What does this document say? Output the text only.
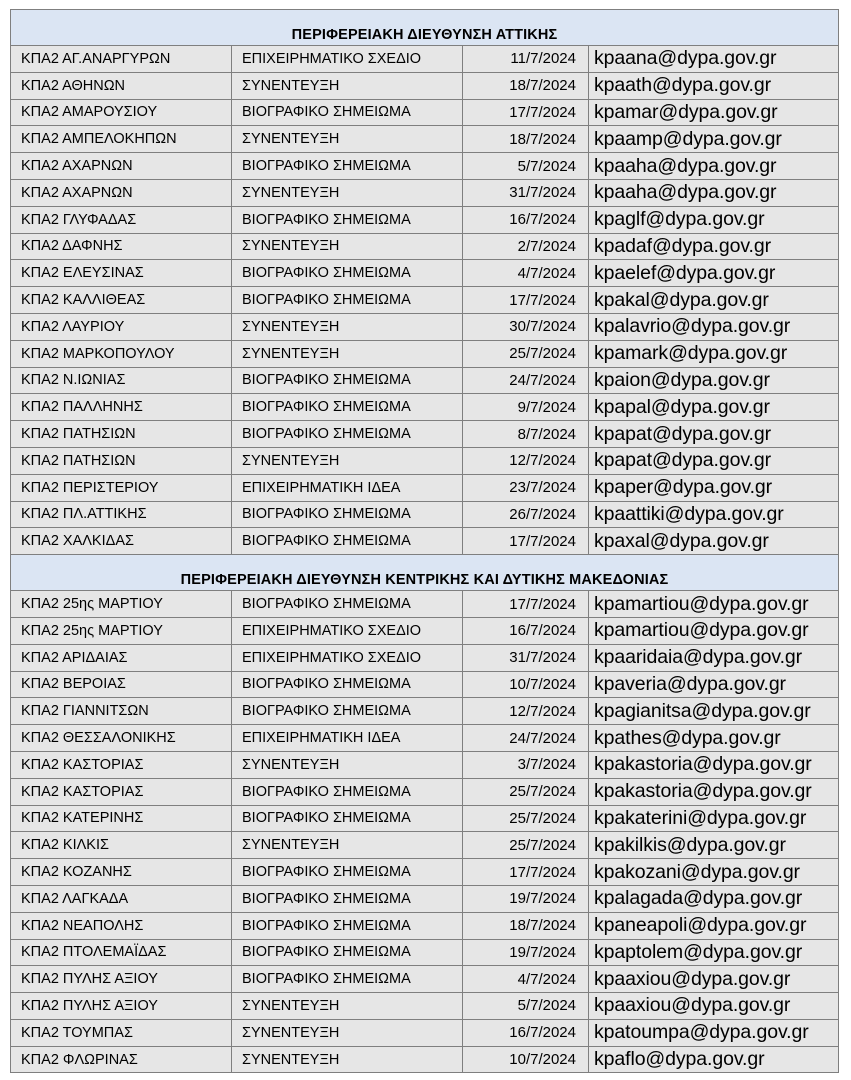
ΠΕΡΙΦΕΡΕΙΑΚΗ ΔΙΕΥΘΥΝΣΗ ΑΤΤΙΚΗΣ			
ΚΠΑ2 ΑΓ.ΑΝΑΡΓΥΡΩΝ	ΕΠΙΧΕΙΡΗΜΑΤΙΚΟ ΣΧΕΔΙΟ	11/7/2024	kpaana@dypa.gov.gr
ΚΠΑ2 ΑΘΗΝΩΝ	ΣΥΝΕΝΤΕΥΞΗ	18/7/2024	kpaath@dypa.gov.gr
ΚΠΑ2 ΑΜΑΡΟΥΣΙΟΥ	ΒΙΟΓΡΑΦΙΚΟ ΣΗΜΕΙΩΜΑ	17/7/2024	kpamar@dypa.gov.gr
ΚΠΑ2 ΑΜΠΕΛΟΚΗΠΩΝ	ΣΥΝΕΝΤΕΥΞΗ	18/7/2024	kpaamp@dypa.gov.gr
ΚΠΑ2 ΑΧΑΡΝΩΝ	ΒΙΟΓΡΑΦΙΚΟ ΣΗΜΕΙΩΜΑ	5/7/2024	kpaaha@dypa.gov.gr
ΚΠΑ2 ΑΧΑΡΝΩΝ	ΣΥΝΕΝΤΕΥΞΗ	31/7/2024	kpaaha@dypa.gov.gr
ΚΠΑ2 ΓΛΥΦΑΔΑΣ	ΒΙΟΓΡΑΦΙΚΟ ΣΗΜΕΙΩΜΑ	16/7/2024	kpaglf@dypa.gov.gr
ΚΠΑ2 ΔΑΦΝΗΣ	ΣΥΝΕΝΤΕΥΞΗ	2/7/2024	kpadaf@dypa.gov.gr
ΚΠΑ2 ΕΛΕΥΣΙΝΑΣ	ΒΙΟΓΡΑΦΙΚΟ ΣΗΜΕΙΩΜΑ	4/7/2024	kpaelef@dypa.gov.gr
ΚΠΑ2 ΚΑΛΛΙΘΕΑΣ	ΒΙΟΓΡΑΦΙΚΟ ΣΗΜΕΙΩΜΑ	17/7/2024	kpakal@dypa.gov.gr
ΚΠΑ2 ΛΑΥΡΙΟΥ	ΣΥΝΕΝΤΕΥΞΗ	30/7/2024	kpalavrio@dypa.gov.gr
ΚΠΑ2 ΜΑΡΚΟΠΟΥΛΟΥ	ΣΥΝΕΝΤΕΥΞΗ	25/7/2024	kpamark@dypa.gov.gr
ΚΠΑ2 Ν.ΙΩΝΙΑΣ	ΒΙΟΓΡΑΦΙΚΟ ΣΗΜΕΙΩΜΑ	24/7/2024	kpaion@dypa.gov.gr
ΚΠΑ2 ΠΑΛΛΗΝΗΣ	ΒΙΟΓΡΑΦΙΚΟ ΣΗΜΕΙΩΜΑ	9/7/2024	kpapal@dypa.gov.gr
ΚΠΑ2 ΠΑΤΗΣΙΩΝ	ΒΙΟΓΡΑΦΙΚΟ ΣΗΜΕΙΩΜΑ	8/7/2024	kpapat@dypa.gov.gr
ΚΠΑ2 ΠΑΤΗΣΙΩΝ	ΣΥΝΕΝΤΕΥΞΗ	12/7/2024	kpapat@dypa.gov.gr
ΚΠΑ2 ΠΕΡΙΣΤΕΡΙΟΥ	ΕΠΙΧΕΙΡΗΜΑΤΙΚΗ ΙΔΕΑ	23/7/2024	kpaper@dypa.gov.gr
ΚΠΑ2 ΠΛ.ΑΤΤΙΚΗΣ	ΒΙΟΓΡΑΦΙΚΟ ΣΗΜΕΙΩΜΑ	26/7/2024	kpaattiki@dypa.gov.gr
ΚΠΑ2 ΧΑΛΚΙΔΑΣ	ΒΙΟΓΡΑΦΙΚΟ ΣΗΜΕΙΩΜΑ	17/7/2024	kpaxal@dypa.gov.gr
ΠΕΡΙΦΕΡΕΙΑΚΗ ΔΙΕΥΘΥΝΣΗ ΚΕΝΤΡΙΚΗΣ ΚΑΙ ΔΥΤΙΚΗΣ ΜΑΚΕΔΟΝΙΑΣ			
ΚΠΑ2 25ης ΜΑΡΤΙΟΥ	ΒΙΟΓΡΑΦΙΚΟ ΣΗΜΕΙΩΜΑ	17/7/2024	kpamartiou@dypa.gov.gr
ΚΠΑ2 25ης ΜΑΡΤΙΟΥ	ΕΠΙΧΕΙΡΗΜΑΤΙΚΟ ΣΧΕΔΙΟ	16/7/2024	kpamartiou@dypa.gov.gr
ΚΠΑ2 ΑΡΙΔΑΙΑΣ	ΕΠΙΧΕΙΡΗΜΑΤΙΚΟ ΣΧΕΔΙΟ	31/7/2024	kpaaridaia@dypa.gov.gr
ΚΠΑ2 ΒΕΡΟΙΑΣ	ΒΙΟΓΡΑΦΙΚΟ ΣΗΜΕΙΩΜΑ	10/7/2024	kpaveria@dypa.gov.gr
ΚΠΑ2 ΓΙΑΝΝΙΤΣΩΝ	ΒΙΟΓΡΑΦΙΚΟ ΣΗΜΕΙΩΜΑ	12/7/2024	kpagianitsa@dypa.gov.gr
ΚΠΑ2 ΘΕΣΣΑΛΟΝΙΚΗΣ	ΕΠΙΧΕΙΡΗΜΑΤΙΚΗ ΙΔΕΑ	24/7/2024	kpathes@dypa.gov.gr
ΚΠΑ2 ΚΑΣΤΟΡΙΑΣ	ΣΥΝΕΝΤΕΥΞΗ	3/7/2024	kpakastoria@dypa.gov.gr
ΚΠΑ2 ΚΑΣΤΟΡΙΑΣ	ΒΙΟΓΡΑΦΙΚΟ ΣΗΜΕΙΩΜΑ	25/7/2024	kpakastoria@dypa.gov.gr
ΚΠΑ2 ΚΑΤΕΡΙΝΗΣ	ΒΙΟΓΡΑΦΙΚΟ ΣΗΜΕΙΩΜΑ	25/7/2024	kpakaterini@dypa.gov.gr
ΚΠΑ2 ΚΙΛΚΙΣ	ΣΥΝΕΝΤΕΥΞΗ	25/7/2024	kpakilkis@dypa.gov.gr
ΚΠΑ2 ΚΟΖΑΝΗΣ	ΒΙΟΓΡΑΦΙΚΟ ΣΗΜΕΙΩΜΑ	17/7/2024	kpakozani@dypa.gov.gr
ΚΠΑ2 ΛΑΓΚΑΔΑ	ΒΙΟΓΡΑΦΙΚΟ ΣΗΜΕΙΩΜΑ	19/7/2024	kpalagada@dypa.gov.gr
ΚΠΑ2 ΝΕΑΠΟΛΗΣ	ΒΙΟΓΡΑΦΙΚΟ ΣΗΜΕΙΩΜΑ	18/7/2024	kpaneapoli@dypa.gov.gr
ΚΠΑ2 ΠΤΟΛΕΜΑΪΔΑΣ	ΒΙΟΓΡΑΦΙΚΟ ΣΗΜΕΙΩΜΑ	19/7/2024	kpaptolem@dypa.gov.gr
ΚΠΑ2 ΠΥΛΗΣ ΑΞΙΟΥ	ΒΙΟΓΡΑΦΙΚΟ ΣΗΜΕΙΩΜΑ	4/7/2024	kpaaxiou@dypa.gov.gr
ΚΠΑ2 ΠΥΛΗΣ ΑΞΙΟΥ	ΣΥΝΕΝΤΕΥΞΗ	5/7/2024	kpaaxiou@dypa.gov.gr
ΚΠΑ2 ΤΟΥΜΠΑΣ	ΣΥΝΕΝΤΕΥΞΗ	16/7/2024	kpatoumpa@dypa.gov.gr
ΚΠΑ2 ΦΛΩΡΙΝΑΣ	ΣΥΝΕΝΤΕΥΞΗ	10/7/2024	kpaflo@dypa.gov.gr
